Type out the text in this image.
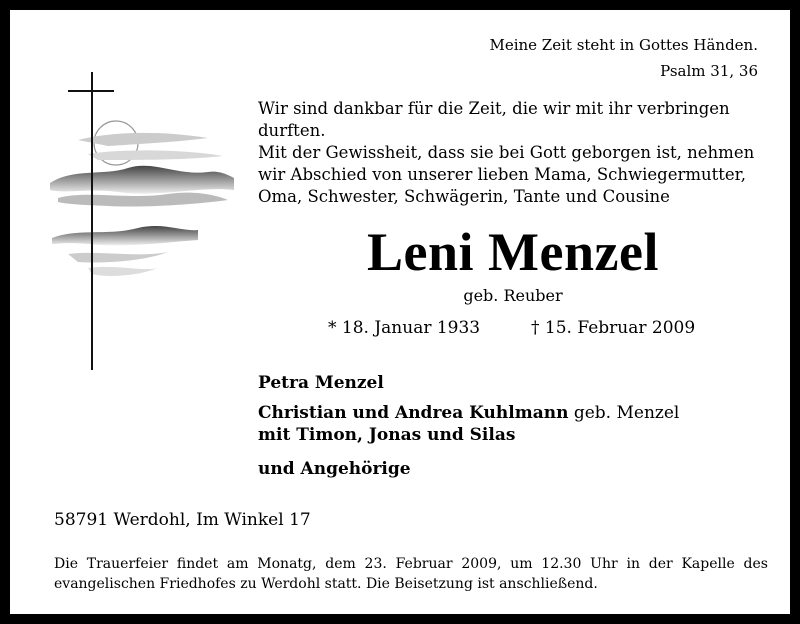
Meine Zeit steht in Gottes Händen.
Psalm 31, 36
Wir sind dankbar für die Zeit, die wir mit ihr verbringen durften.
Mit der Gewissheit, dass sie bei Gott geborgen ist, nehmen wir Abschied von unserer lieben Mama, Schwiegermutter, Oma, Schwester, Schwägerin, Tante und Cousine
Leni Menzel
geb. Reuber
* 18. Januar 1933	† 15. Februar 2009

Petra Menzel

Christian und Andrea Kuhlmann geb. Menzel

mit Timon, Jonas und Silas

und Angehörige

58791 Werdohl, Im Winkel 17
Die Trauerfeier findet am Monatg, dem 23. Februar 2009, um 12.30 Uhr in der Kapelle des evangelischen Friedhofes zu Werdohl statt. Die Beisetzung ist anschließend.
